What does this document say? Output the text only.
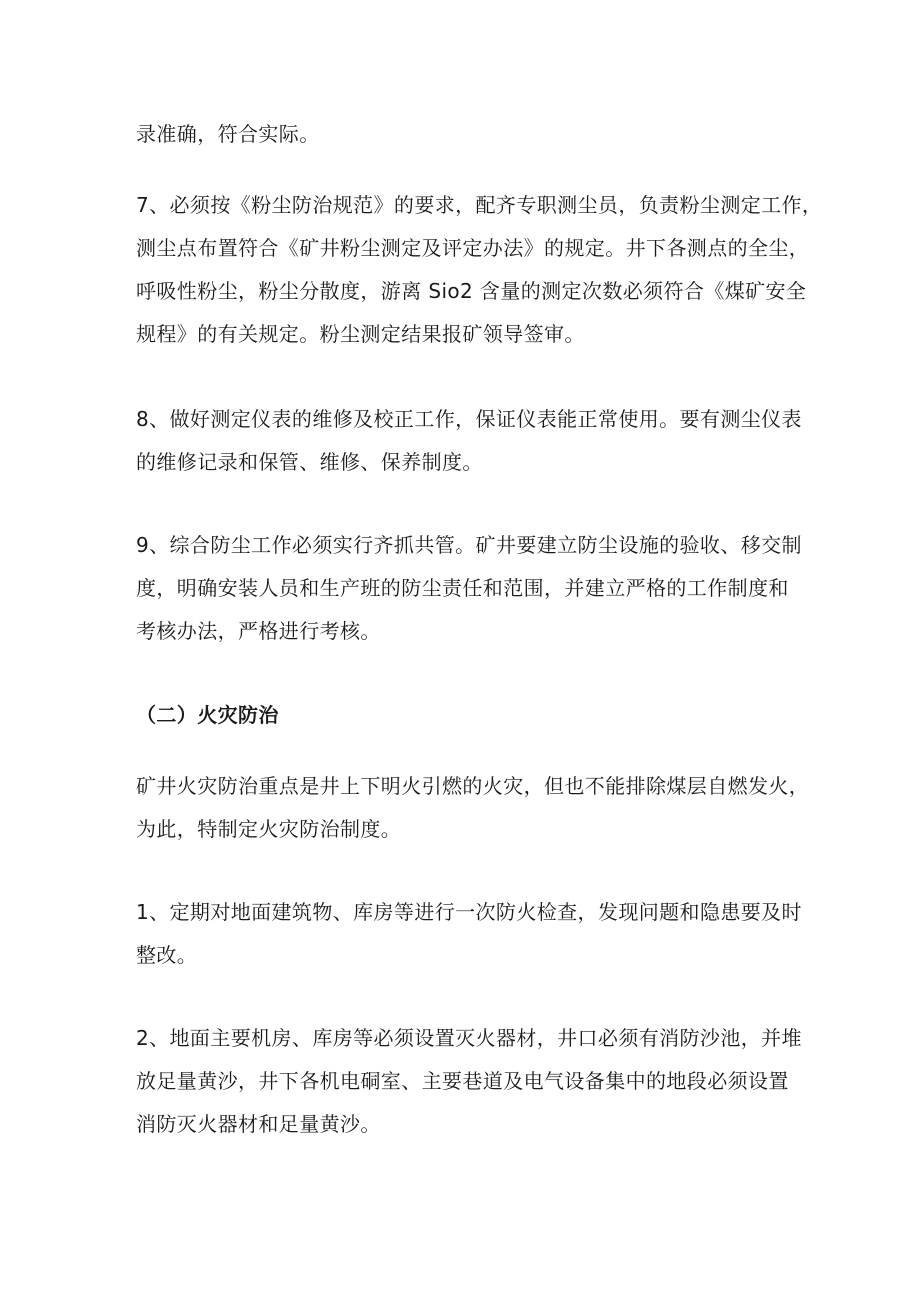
录准确，符合实际。

7、必须按《粉尘防治规范》的要求，配齐专职测尘员，负责粉尘测定工作，
测尘点布置符合《矿井粉尘测定及评定办法》的规定。井下各测点的全尘，
呼吸性粉尘，粉尘分散度，游离 Sio2 含量的测定次数必须符合《煤矿安全
规程》的有关规定。粉尘测定结果报矿领导签审。

8、做好测定仪表的维修及校正工作，保证仪表能正常使用。要有测尘仪表
的维修记录和保管、维修、保养制度。

9、综合防尘工作必须实行齐抓共管。矿井要建立防尘设施的验收、移交制
度，明确安装人员和生产班的防尘责任和范围，并建立严格的工作制度和
考核办法，严格进行考核。

（二）火灾防治

矿井火灾防治重点是井上下明火引燃的火灾，但也不能排除煤层自燃发火，
为此，特制定火灾防治制度。

1、定期对地面建筑物、库房等进行一次防火检查，发现问题和隐患要及时
整改。

2、地面主要机房、库房等必须设置灭火器材，井口必须有消防沙池，并堆
放足量黄沙，井下各机电硐室、主要巷道及电气设备集中的地段必须设置
消防灭火器材和足量黄沙。
